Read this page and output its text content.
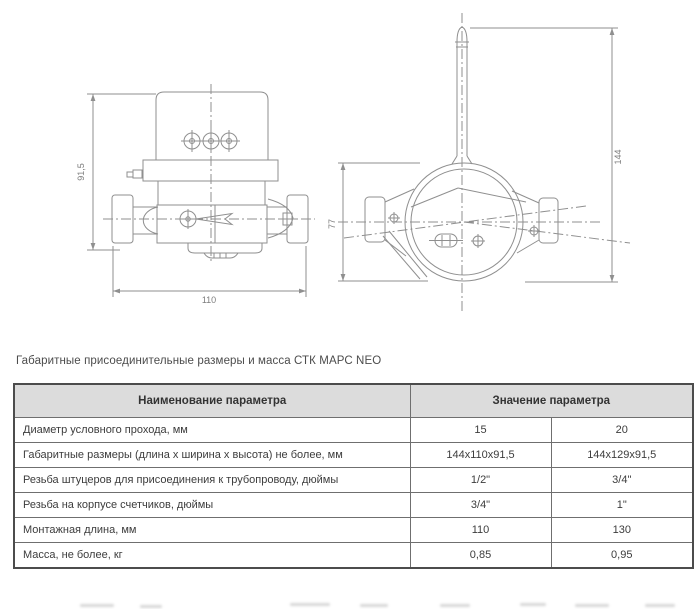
91,5
110
77
144
Габаритные присоединительные размеры и масса СТК МАРС NEO
Наименование параметра	Значение параметра	
Диаметр условного прохода, мм	15	20
Габаритные размеры (длина х ширина х высота) не более, мм	144х110х91,5	144х129х91,5
Резьба штуцеров для присоединения к трубопроводу, дюймы	1/2"	3/4"
Резьба на корпусе счетчиков, дюймы	3/4"	1"
Монтажная длина, мм	110	130
Масса, не более, кг	0,85	0,95
